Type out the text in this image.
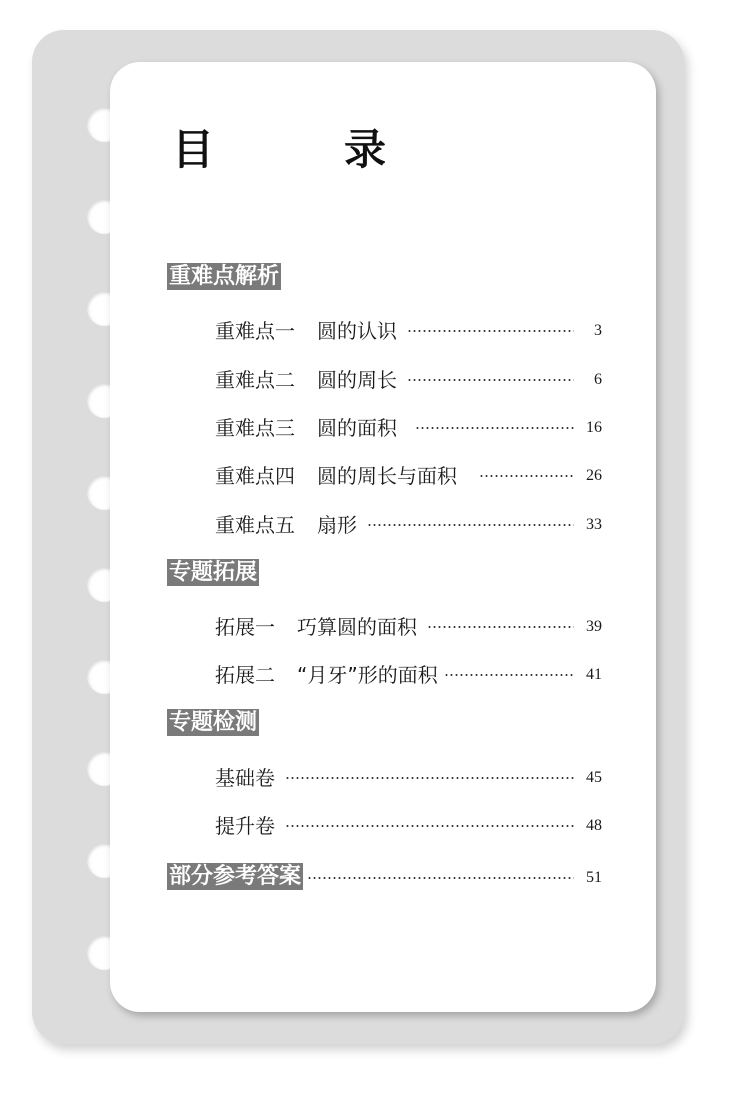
目　录
重难点解析
重难点一 圆的认识	3
重难点二 圆的周长	6
重难点三 圆的面积	16
重难点四 圆的周长与面积	26
重难点五 扇形	33
专题拓展
拓展一 巧算圆的面积	39
拓展二 “月牙”形的面积	41
专题检测
基础卷	45
提升卷	48
部分参考答案	51
